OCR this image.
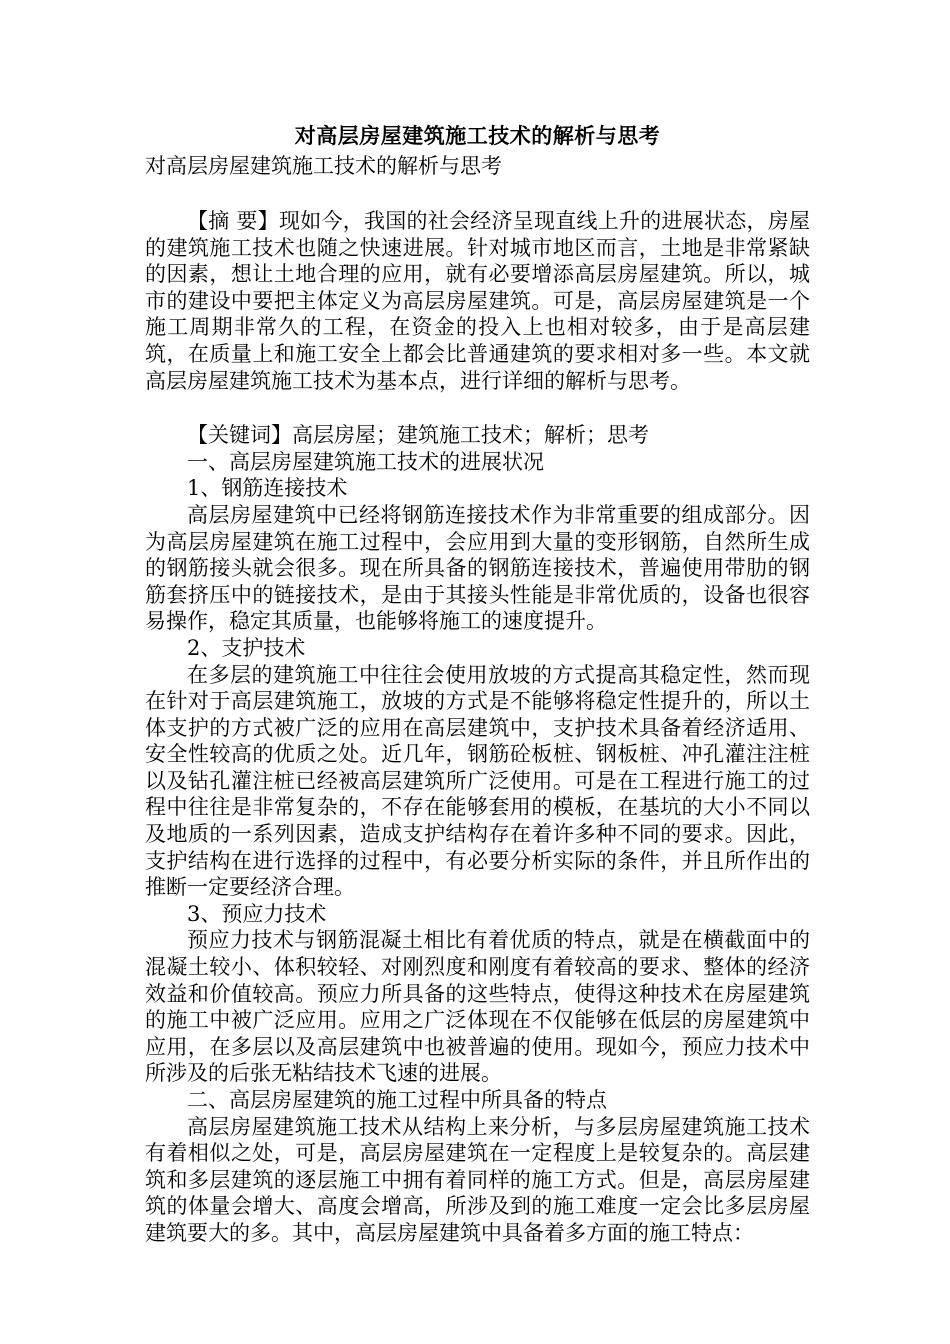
对高层房屋建筑施工技术的解析与思考

对高层房屋建筑施工技术的解析与思考

【摘 要】现如今，我国的社会经济呈现直线上升的进展状态，房屋的建筑施工技术也随之快速进展。针对城市地区而言，土地是非常紧缺的因素，想让土地合理的应用，就有必要增添高层房屋建筑。所以，城市的建设中要把主体定义为高层房屋建筑。可是，高层房屋建筑是一个施工周期非常久的工程，在资金的投入上也相对较多，由于是高层建筑，在质量上和施工安全上都会比普通建筑的要求相对多一些。本文就高层房屋建筑施工技术为基本点，进行详细的解析与思考。

【关键词】高层房屋；建筑施工技术；解析；思考

一、高层房屋建筑施工技术的进展状况

1、钢筋连接技术

高层房屋建筑中已经将钢筋连接技术作为非常重要的组成部分。因为高层房屋建筑在施工过程中，会应用到大量的变形钢筋，自然所生成的钢筋接头就会很多。现在所具备的钢筋连接技术，普遍使用带肋的钢筋套挤压中的链接技术，是由于其接头性能是非常优质的，设备也很容易操作，稳定其质量，也能够将施工的速度提升。

2、支护技术

在多层的建筑施工中往往会使用放坡的方式提高其稳定性，然而现在针对于高层建筑施工，放坡的方式是不能够将稳定性提升的，所以土体支护的方式被广泛的应用在高层建筑中，支护技术具备着经济适用、安全性较高的优质之处。近几年，钢筋砼板桩、钢板桩、冲孔灌注注桩以及钻孔灌注桩已经被高层建筑所广泛使用。可是在工程进行施工的过程中往往是非常复杂的，不存在能够套用的模板，在基坑的大小不同以及地质的一系列因素，造成支护结构存在着许多种不同的要求。因此，支护结构在进行选择的过程中，有必要分析实际的条件，并且所作出的推断一定要经济合理。

3、预应力技术

预应力技术与钢筋混凝土相比有着优质的特点，就是在横截面中的混凝土较小、体积较轻、对刚烈度和刚度有着较高的要求、整体的经济效益和价值较高。预应力所具备的这些特点，使得这种技术在房屋建筑的施工中被广泛应用。应用之广泛体现在不仅能够在低层的房屋建筑中应用，在多层以及高层建筑中也被普遍的使用。现如今，预应力技术中所涉及的后张无粘结技术飞速的进展。

二、高层房屋建筑的施工过程中所具备的特点

高层房屋建筑施工技术从结构上来分析，与多层房屋建筑施工技术有着相似之处，可是，高层房屋建筑在一定程度上是较复杂的。高层建筑和多层建筑的逐层施工中拥有着同样的施工方式。但是，高层房屋建筑的体量会增大、高度会增高，所涉及到的施工难度一定会比多层房屋建筑要大的多。其中，高层房屋建筑中具备着多方面的施工特点：
